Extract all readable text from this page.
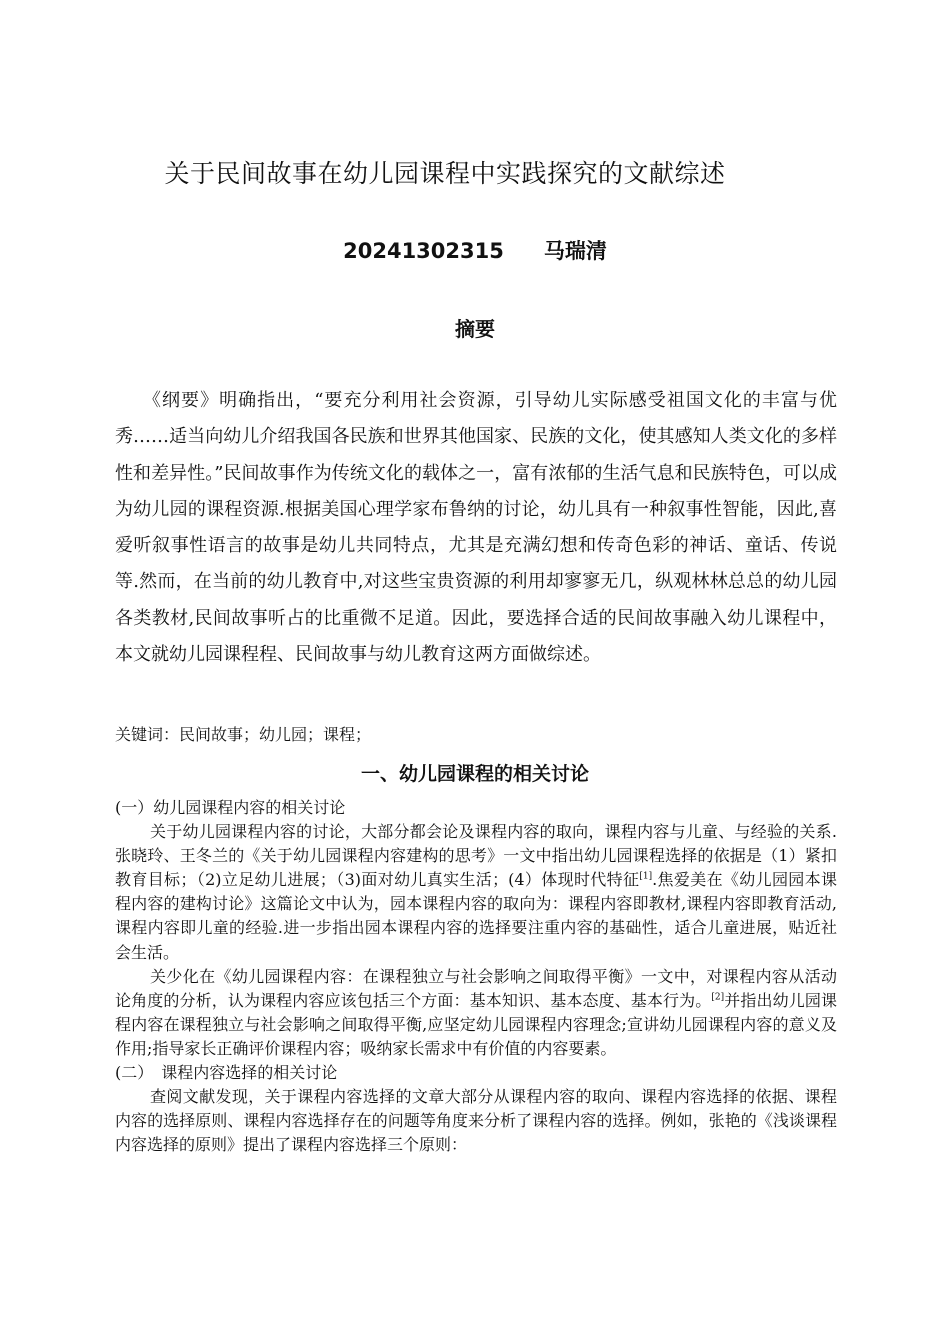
关于民间故事在幼儿园课程中实践探究的文献综述
20241302315 马瑞清
摘要

《纲要》明确指出，“要充分利用社会资源，引导幼儿实际感受祖国文化的丰富与优秀……适当向幼儿介绍我国各民族和世界其他国家、民族的文化，使其感知人类文化的多样性和差异性。”民间故事作为传统文化的载体之一，富有浓郁的生活气息和民族特色，可以成为幼儿园的课程资源.根据美国心理学家布鲁纳的讨论，幼儿具有一种叙事性智能，因此,喜爱听叙事性语言的故事是幼儿共同特点，尤其是充满幻想和传奇色彩的神话、童话、传说等.然而，在当前的幼儿教育中,对这些宝贵资源的利用却寥寥无几，纵观林林总总的幼儿园各类教材,民间故事听占的比重微不足道。因此，要选择合适的民间故事融入幼儿课程中，本文就幼儿园课程程、民间故事与幼儿教育这两方面做综述。

关键词：民间故事；幼儿园；课程；

一、幼儿园课程的相关讨论

(一）幼儿园课程内容的相关讨论

关于幼儿园课程内容的讨论，大部分都会论及课程内容的取向，课程内容与儿童、与经验的关系.张晓玲、王冬兰的《关于幼儿园课程内容建构的思考》一文中指出幼儿园课程选择的依据是（1）紧扣教育目标；（2)立足幼儿进展；（3)面对幼儿真实生活；(4）体现时代特征[1].焦爱美在《幼儿园园本课程内容的建构讨论》这篇论文中认为，园本课程内容的取向为：课程内容即教材,课程内容即教育活动,课程内容即儿童的经验.进一步指出园本课程内容的选择要注重内容的基础性，适合儿童进展，贴近社会生活。

关少化在《幼儿园课程内容：在课程独立与社会影响之间取得平衡》一文中，对课程内容从活动论角度的分析，认为课程内容应该包括三个方面：基本知识、基本态度、基本行为。[2]并指出幼儿园课程内容在课程独立与社会影响之间取得平衡,应坚定幼儿园课程内容理念;宣讲幼儿园课程内容的意义及作用;指导家长正确评价课程内容；吸纳家长需求中有价值的内容要素。

(二）　课程内容选择的相关讨论

查阅文献发现，关于课程内容选择的文章大部分从课程内容的取向、课程内容选择的依据、课程内容的选择原则、课程内容选择存在的问题等角度来分析了课程内容的选择。例如，张艳的《浅谈课程内容选择的原则》提出了课程内容选择三个原则：
